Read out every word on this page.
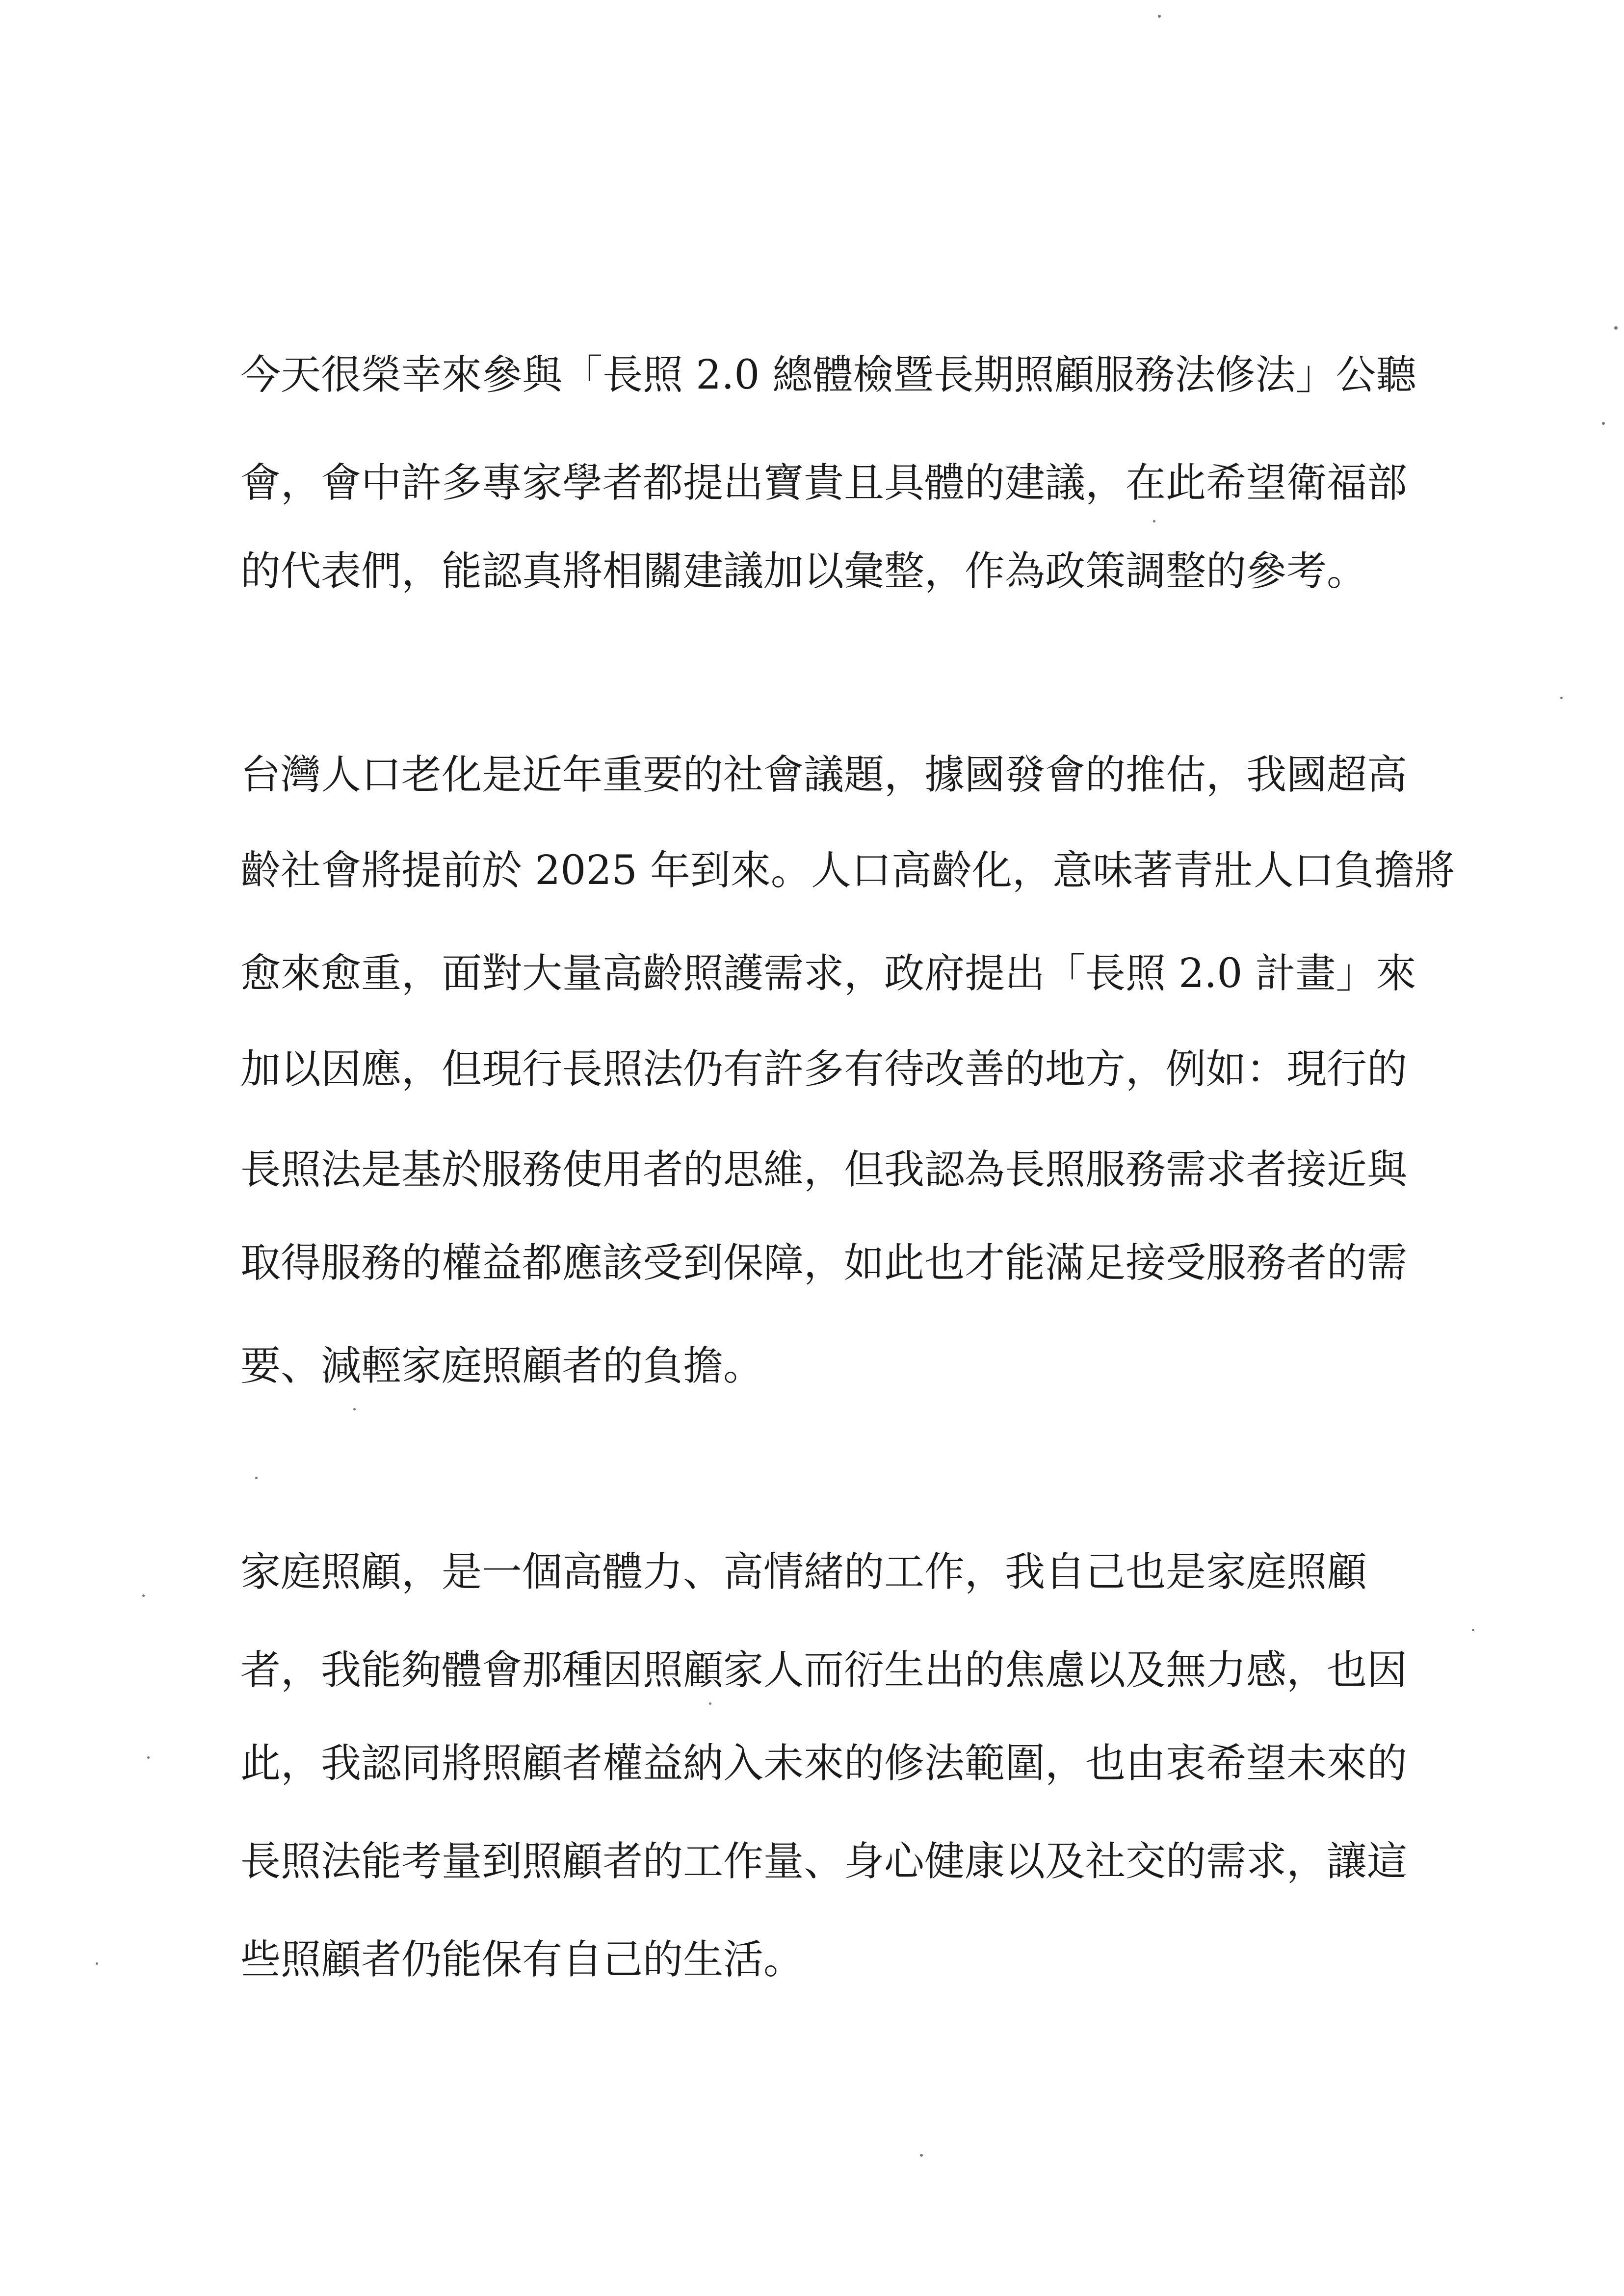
今天很榮幸來參與「長照 2.0 總體檢暨長期照顧服務法修法」公聽
會，會中許多專家學者都提出寶貴且具體的建議，在此希望衛福部
的代表們，能認真將相關建議加以彙整，作為政策調整的參考。
台灣人口老化是近年重要的社會議題，據國發會的推估，我國超高
齡社會將提前於 2025 年到來。人口高齡化，意味著青壯人口負擔將
愈來愈重，面對大量高齡照護需求，政府提出「長照 2.0 計畫」來
加以因應，但現行長照法仍有許多有待改善的地方，例如：現行的
長照法是基於服務使用者的思維，但我認為長照服務需求者接近與
取得服務的權益都應該受到保障，如此也才能滿足接受服務者的需
要、減輕家庭照顧者的負擔。
家庭照顧，是一個高體力、高情緒的工作，我自己也是家庭照顧
者，我能夠體會那種因照顧家人而衍生出的焦慮以及無力感，也因
此，我認同將照顧者權益納入未來的修法範圍，也由衷希望未來的
長照法能考量到照顧者的工作量、身心健康以及社交的需求，讓這
些照顧者仍能保有自己的生活。
